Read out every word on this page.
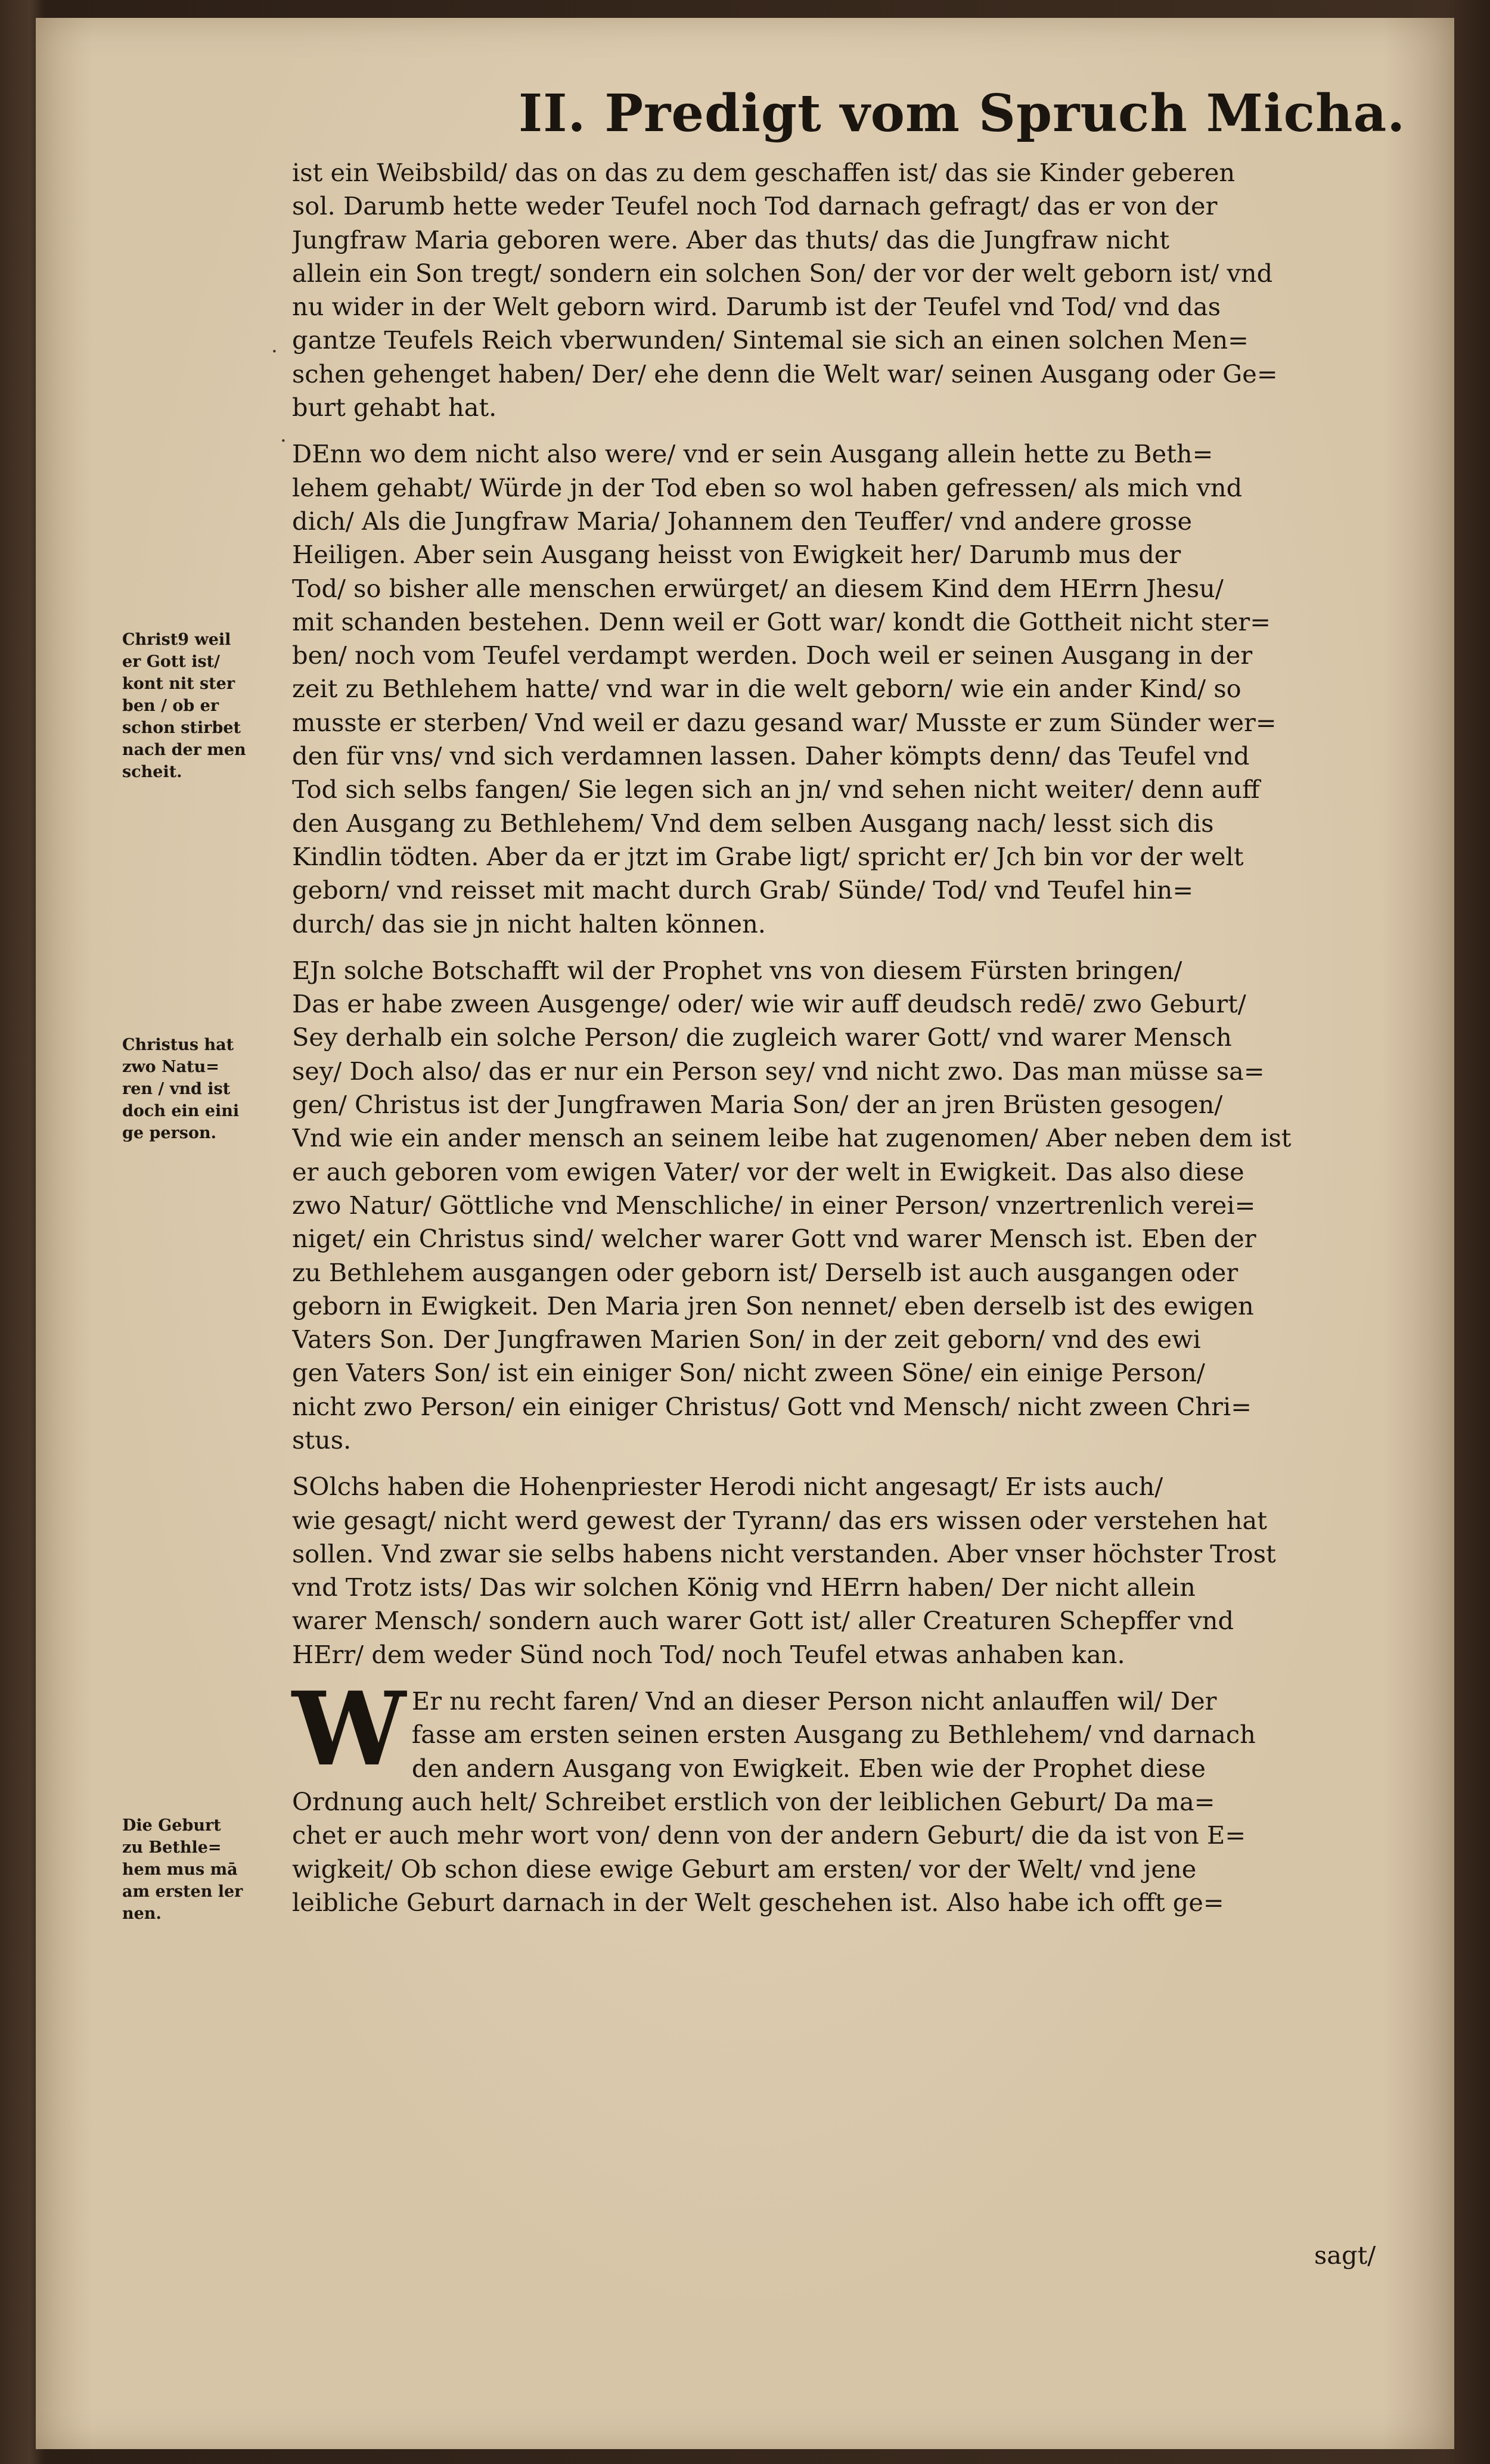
II. Predigt vom Spruch Micha.
ist ein Weibsbild/ das on das zu dem geschaffen ist/ das sie Kinder geberen
sol. Darumb hette weder Teufel noch Tod darnach gefragt/ das er von der
Jungfraw Maria geboren were. Aber das thuts/ das die Jungfraw nicht
allein ein Son tregt/ sondern ein solchen Son/ der vor der welt geborn ist/ vnd
nu wider in der Welt geborn wird. Darumb ist der Teufel vnd Tod/ vnd das
gantze Teufels Reich vberwunden/ Sintemal sie sich an einen solchen Men=
schen gehenget haben/ Der/ ehe denn die Welt war/ seinen Ausgang oder Ge=
burt gehabt hat.
DEnn wo dem nicht also were/ vnd er sein Ausgang allein hette zu Beth=
lehem gehabt/ Würde jn der Tod eben so wol haben gefressen/ als mich vnd
dich/ Als die Jungfraw Maria/ Johannem den Teuffer/ vnd andere grosse
Heiligen. Aber sein Ausgang heisst von Ewigkeit her/ Darumb mus der
Tod/ so bisher alle menschen erwürget/ an diesem Kind dem HErrn Jhesu/
mit schanden bestehen. Denn weil er Gott war/ kondt die Gottheit nicht ster=
ben/ noch vom Teufel verdampt werden. Doch weil er seinen Ausgang in der
zeit zu Bethlehem hatte/ vnd war in die welt geborn/ wie ein ander Kind/ so
musste er sterben/ Vnd weil er dazu gesand war/ Musste er zum Sünder wer=
den für vns/ vnd sich verdamnen lassen. Daher kömpts denn/ das Teufel vnd
Tod sich selbs fangen/ Sie legen sich an jn/ vnd sehen nicht weiter/ denn auff
den Ausgang zu Bethlehem/ Vnd dem selben Ausgang nach/ lesst sich dis
Kindlin tödten. Aber da er jtzt im Grabe ligt/ spricht er/ Jch bin vor der welt
geborn/ vnd reisset mit macht durch Grab/ Sünde/ Tod/ vnd Teufel hin=
durch/ das sie jn nicht halten können.
EJn solche Botschafft wil der Prophet vns von diesem Fürsten bringen/
Das er habe zween Ausgenge/ oder/ wie wir auff deudsch redē/ zwo Geburt/
Sey derhalb ein solche Person/ die zugleich warer Gott/ vnd warer Mensch
sey/ Doch also/ das er nur ein Person sey/ vnd nicht zwo. Das man müsse sa=
gen/ Christus ist der Jungfrawen Maria Son/ der an jren Brüsten gesogen/
Vnd wie ein ander mensch an seinem leibe hat zugenomen/ Aber neben dem ist
er auch geboren vom ewigen Vater/ vor der welt in Ewigkeit. Das also diese
zwo Natur/ Göttliche vnd Menschliche/ in einer Person/ vnzertrenlich verei=
niget/ ein Christus sind/ welcher warer Gott vnd warer Mensch ist. Eben der
zu Bethlehem ausgangen oder geborn ist/ Derselb ist auch ausgangen oder
geborn in Ewigkeit. Den Maria jren Son nennet/ eben derselb ist des ewigen
Vaters Son. Der Jungfrawen Marien Son/ in der zeit geborn/ vnd des ewi
gen Vaters Son/ ist ein einiger Son/ nicht zween Söne/ ein einige Person/
nicht zwo Person/ ein einiger Christus/ Gott vnd Mensch/ nicht zween Chri=
stus.
SOlchs haben die Hohenpriester Herodi nicht angesagt/ Er ists auch/
wie gesagt/ nicht werd gewest der Tyrann/ das ers wissen oder verstehen hat
sollen. Vnd zwar sie selbs habens nicht verstanden. Aber vnser höchster Trost
vnd Trotz ists/ Das wir solchen König vnd HErrn haben/ Der nicht allein
warer Mensch/ sondern auch warer Gott ist/ aller Creaturen Schepffer vnd
HErr/ dem weder Sünd noch Tod/ noch Teufel etwas anhaben kan.
W Er nu recht faren/ Vnd an dieser Person nicht anlauffen wil/ Der
fasse am ersten seinen ersten Ausgang zu Bethlehem/ vnd darnach
den andern Ausgang von Ewigkeit. Eben wie der Prophet diese
Ordnung auch helt/ Schreibet erstlich von der leiblichen Geburt/ Da ma=
chet er auch mehr wort von/ denn von der andern Geburt/ die da ist von E=
wigkeit/ Ob schon diese ewige Geburt am ersten/ vor der Welt/ vnd jene
leibliche Geburt darnach in der Welt geschehen ist. Also habe ich offt ge=
sagt/
Christ9 weil
er Gott ist/
kont nit ster
ben / ob er
schon stirbet
nach der men
scheit.
Christus hat
zwo Natu=
ren / vnd ist
doch ein eini
ge person.
Die Geburt
zu Bethle=
hem mus mā
am ersten ler
nen.
·
·
